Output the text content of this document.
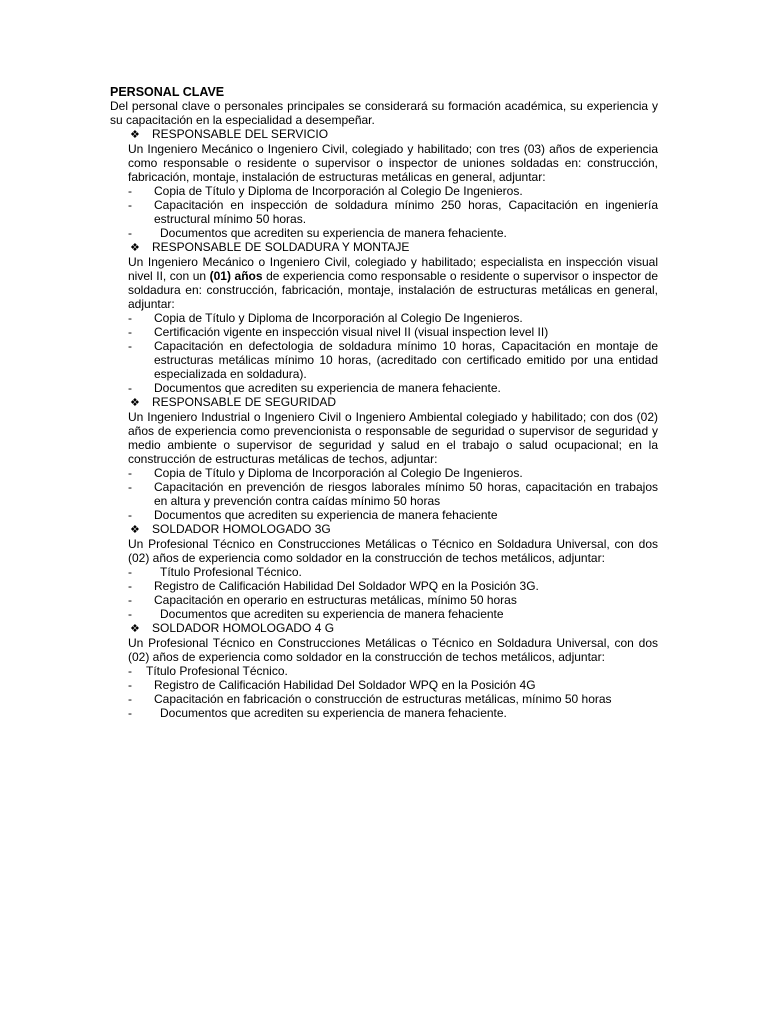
PERSONAL CLAVE
Del personal clave o personales principales se considerará su formación académica, su experiencia y su capacitación en la especialidad a desempeñar.
❖ RESPONSABLE DEL SERVICIO
Un Ingeniero Mecánico o Ingeniero Civil, colegiado y habilitado; con tres (03) años de experiencia como responsable o residente o supervisor o inspector de uniones soldadas en: construcción, fabricación, montaje, instalación de estructuras metálicas en general, adjuntar:
-	Copia de Título y Diploma de Incorporación al Colegio De Ingenieros.
-	Capacitación en inspección de soldadura mínimo 250 horas, Capacitación en ingeniería estructural mínimo 50 horas.
-	Documentos que acrediten su experiencia de manera fehaciente.
❖ RESPONSABLE DE SOLDADURA Y MONTAJE
Un Ingeniero Mecánico o Ingeniero Civil, colegiado y habilitado; especialista en inspección visual nivel II, con un (01) años de experiencia como responsable o residente o supervisor o inspector de soldadura en: construcción, fabricación, montaje, instalación de estructuras metálicas en general, adjuntar:
-	Copia de Título y Diploma de Incorporación al Colegio De Ingenieros.
-	Certificación vigente en inspección visual nivel II (visual inspection level II)
-	Capacitación en defectologia de soldadura mínimo 10 horas, Capacitación en montaje de estructuras metálicas mínimo 10 horas, (acreditado con certificado emitido por una entidad especializada en soldadura).
-	Documentos que acrediten su experiencia de manera fehaciente.
❖ RESPONSABLE DE SEGURIDAD
Un Ingeniero Industrial o Ingeniero Civil o Ingeniero Ambiental colegiado y habilitado; con dos (02) años de experiencia como prevencionista o responsable de seguridad o supervisor de seguridad y medio ambiente o supervisor de seguridad y salud en el trabajo o salud ocupacional; en la construcción de estructuras metálicas de techos, adjuntar:
-	Copia de Título y Diploma de Incorporación al Colegio De Ingenieros.
-	Capacitación en prevención de riesgos laborales mínimo 50 horas, capacitación en trabajos en altura y prevención contra caídas mínimo 50 horas
-	Documentos que acrediten su experiencia de manera fehaciente
❖ SOLDADOR HOMOLOGADO 3G
Un Profesional Técnico en Construcciones Metálicas o Técnico en Soldadura Universal, con dos (02) años de experiencia como soldador en la construcción de techos metálicos, adjuntar:
-	Título Profesional Técnico.
-	Registro de Calificación Habilidad Del Soldador WPQ en la Posición 3G.
-	Capacitación en operario en estructuras metálicas, mínimo 50 horas
-	Documentos que acrediten su experiencia de manera fehaciente
❖ SOLDADOR HOMOLOGADO 4 G
Un Profesional Técnico en Construcciones Metálicas o Técnico en Soldadura Universal, con dos (02) años de experiencia como soldador en la construcción de techos metálicos, adjuntar:
-	Título Profesional Técnico.
-	Registro de Calificación Habilidad Del Soldador WPQ en la Posición 4G
-	Capacitación en fabricación o construcción de estructuras metálicas, mínimo 50 horas
-	Documentos que acrediten su experiencia de manera fehaciente.
